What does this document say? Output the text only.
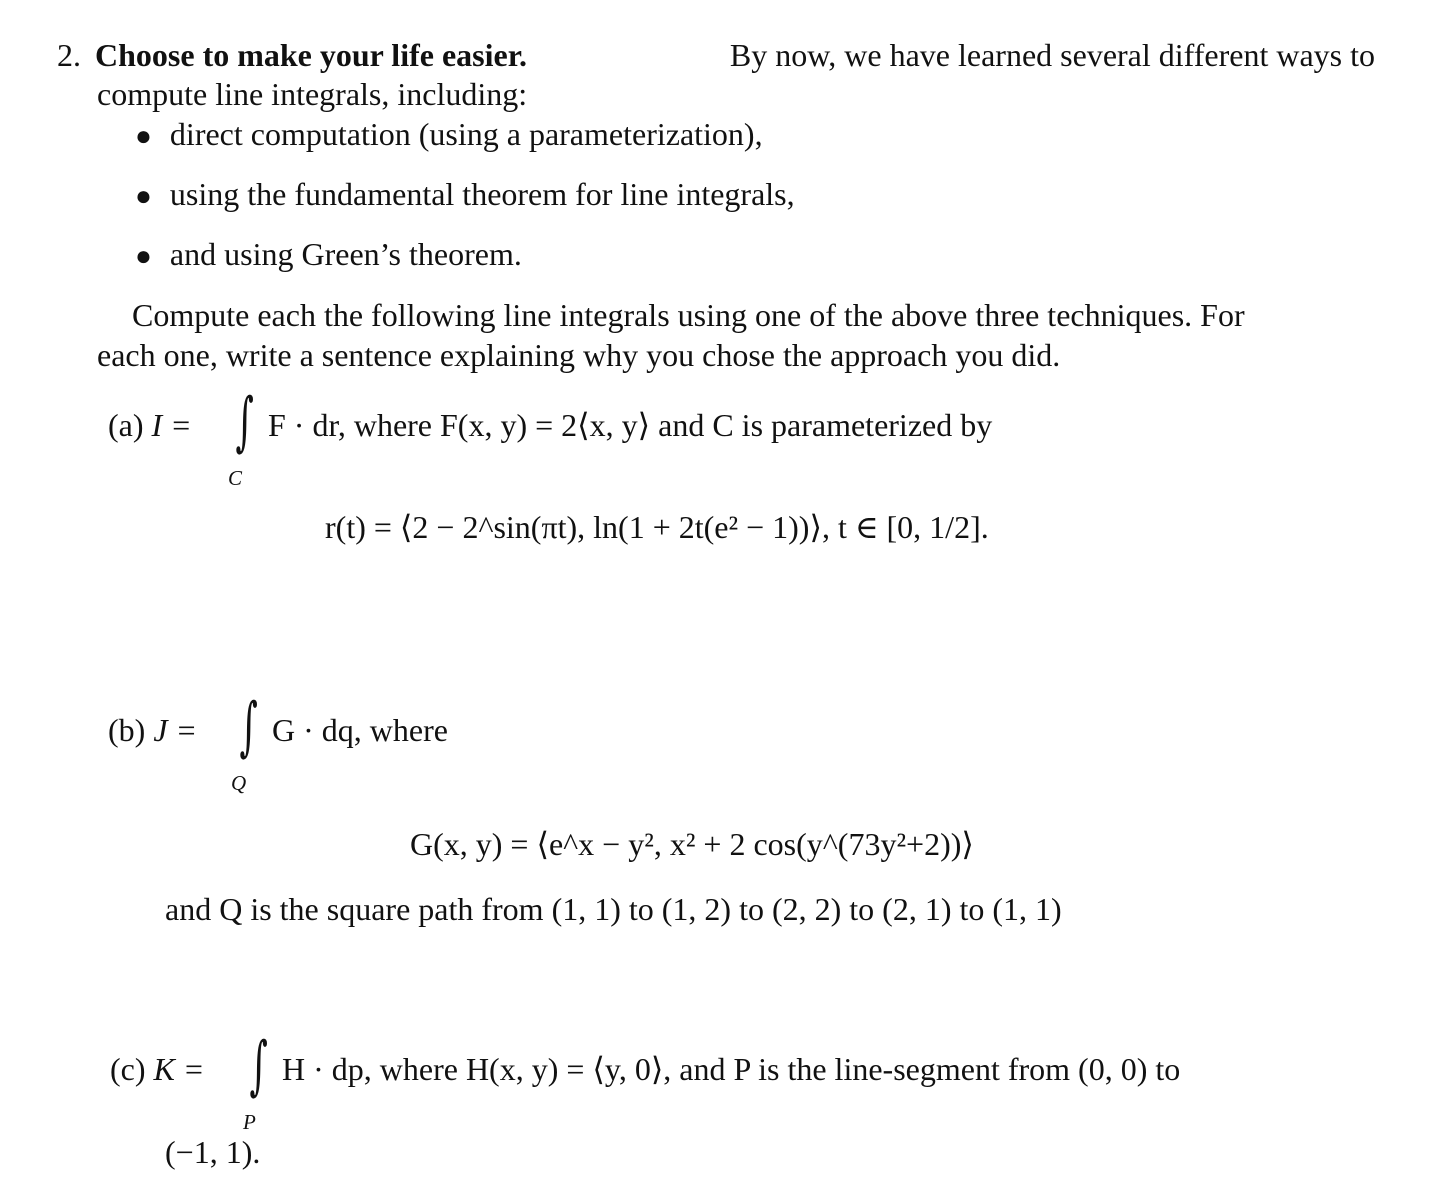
2. Choose to make your life easier.	By now, we have learned several different ways to
compute line integrals, including:
● direct computation (using a parameterization),
● using the fundamental theorem for line integrals,
● and using Green’s theorem.
Compute each the following line integrals using one of the above three techniques. For
each one, write a sentence explaining why you chose the approach you did.
(a) I = ∫
C
F · dr, where F(x, y) = 2⟨x, y⟩ and C is parameterized by
r(t) = ⟨2 − 2^sin(πt), ln(1 + 2t(e² − 1))⟩, t ∈ [0, 1/2].
(b) J = ∫
Q
G · dq, where
G(x, y) = ⟨e^x − y², x² + 2 cos(y^(73y²+2))⟩
and Q is the square path from (1, 1) to (1, 2) to (2, 2) to (2, 1) to (1, 1)
(c) K = ∫
P
H · dp, where H(x, y) = ⟨y, 0⟩, and P is the line-segment from (0, 0) to
(−1, 1).
